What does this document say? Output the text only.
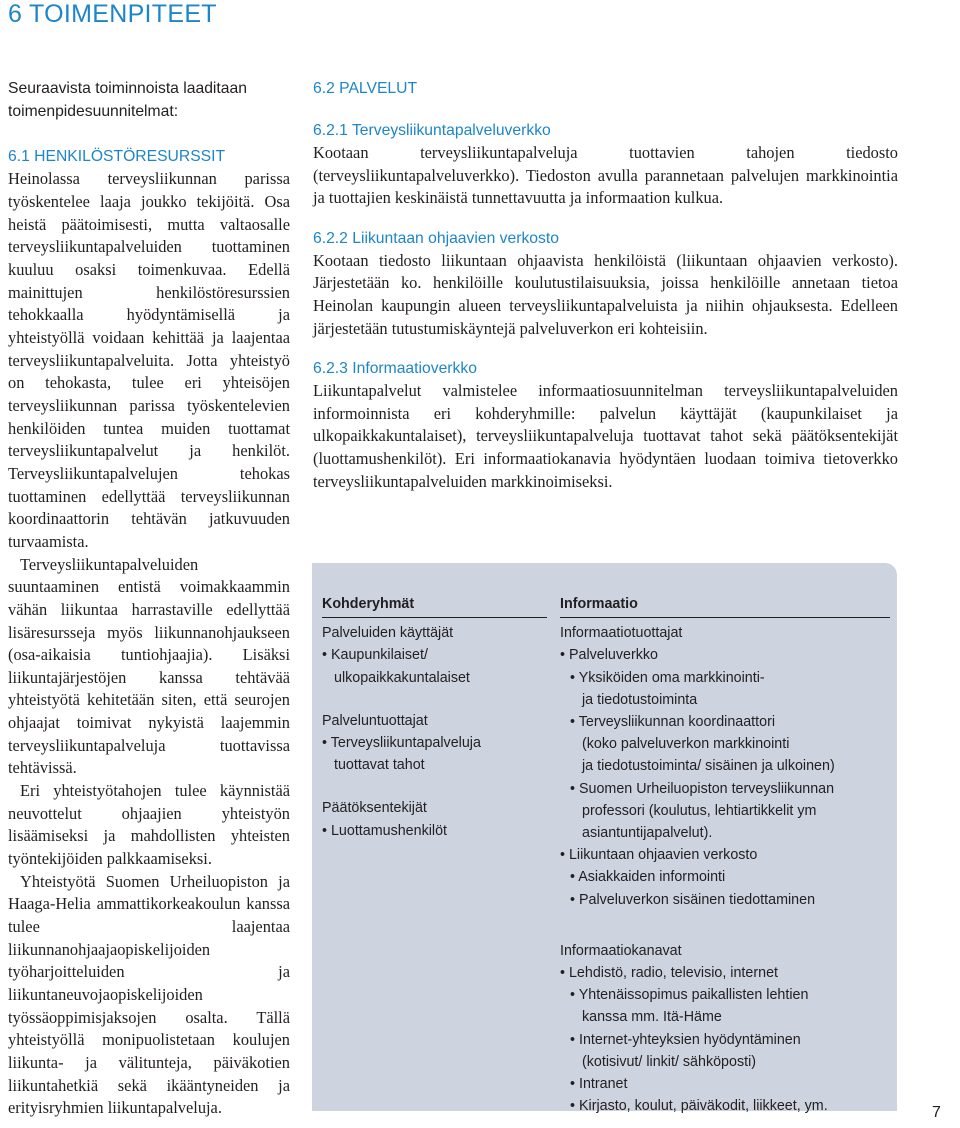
6 TOIMENPITEET
Seuraavista toiminnoista laaditaan
toimenpidesuunnitelmat:
6.1 HENKILÖSTÖRESURSSIT

Heinolassa terveysliikunnan parissa työskentelee laaja joukko tekijöitä. Osa heistä päätoimisesti, mutta valtaosalle terveysliikuntapalveluiden tuottaminen kuuluu osaksi toimenkuvaa. Edellä mainittujen henkilöstöresurssien tehokkaalla hyödyntämisellä ja yhteistyöllä voidaan kehittää ja laajentaa terveysliikuntapalveluita. Jotta yhteistyö on tehokasta, tulee eri yhteisöjen terveysliikunnan parissa työskentelevien henkilöiden tuntea muiden tuottamat terveysliikuntapalvelut ja henkilöt. Terveysliikuntapalvelujen tehokas tuottaminen edellyttää terveysliikunnan koordinaattorin tehtävän jatkuvuuden turvaamista.

Terveysliikuntapalveluiden suuntaaminen entistä voimakkaammin vähän liikuntaa harrastaville edellyttää lisäresursseja myös liikunnanohjaukseen (osa-aikaisia tuntiohjaajia). Lisäksi liikuntajärjestöjen kanssa tehtävää yhteistyötä kehitetään siten, että seurojen ohjaajat toimivat nykyistä laajemmin terveysliikuntapalveluja tuottavissa tehtävissä.

Eri yhteistyötahojen tulee käynnistää neuvottelut ohjaajien yhteistyön lisäämiseksi ja mahdollisten yhteisten työntekijöiden palkkaamiseksi.

Yhteistyötä Suomen Urheiluopiston ja Haaga-Helia ammattikorkeakoulun kanssa tulee laajentaa liikunnanohjaajaopiskelijoiden työharjoitteluiden ja liikuntaneuvojaopiskelijoiden työssäoppimisjaksojen osalta. Tällä yhteistyöllä monipuolistetaan koulujen liikunta- ja välitunteja, päiväkotien liikuntahetkiä sekä ikääntyneiden ja erityisryhmien liikuntapalveluja.

6.2 PALVELUT
6.2.1 Terveysliikuntapalveluverkko

Kootaan terveysliikuntapalveluja tuottavien tahojen tiedosto (terveysliikuntapalveluverkko). Tiedoston avulla parannetaan palvelujen markkinointia ja tuottajien keskinäistä tunnettavuutta ja informaation kulkua.

6.2.2 Liikuntaan ohjaavien verkosto

Kootaan tiedosto liikuntaan ohjaavista henkilöistä (liikuntaan ohjaavien verkosto). Järjestetään ko. henkilöille koulutustilaisuuksia, joissa henkilöille annetaan tietoa Heinolan kaupungin alueen terveysliikuntapalveluista ja niihin ohjauksesta. Edelleen järjestetään tutustumiskäyntejä palveluverkon eri kohteisiin.

6.2.3 Informaatioverkko

Liikuntapalvelut valmistelee informaatiosuunnitelman terveysliikuntapalveluiden informoinnista eri kohderyhmille: palvelun käyttäjät (kaupunkilaiset ja ulkopaikkakuntalaiset), terveysliikuntapalveluja tuottavat tahot sekä päätöksentekijät (luottamushenkilöt). Eri informaatiokanavia hyödyntäen luodaan toimiva tietoverkko terveysliikuntapalveluiden markkinoimiseksi.

Kohderyhmät
Palveluiden käyttäjät
• Kaupunkilaiset/
ulkopaikkakuntalaiset
Palveluntuottajat
• Terveysliikuntapalveluja
tuottavat tahot
Päätöksentekijät
• Luottamushenkilöt
Informaatio
Informaatiotuottajat
• Palveluverkko
• Yksiköiden oma markkinointi-
ja tiedotustoiminta
• Terveysliikunnan koordinaattori
(koko palveluverkon markkinointi
ja tiedotustoiminta/ sisäinen ja ulkoinen)
• Suomen Urheiluopiston terveysliikunnan
professori (koulutus, lehtiartikkelit ym
asiantuntijapalvelut).
• Liikuntaan ohjaavien verkosto
• Asiakkaiden informointi
• Palveluverkon sisäinen tiedottaminen
Informaatiokanavat
• Lehdistö, radio, televisio, internet
• Yhtenäissopimus paikallisten lehtien
kanssa mm. Itä-Häme
• Internet-yhteyksien hyödyntäminen
(kotisivut/ linkit/ sähköposti)
• Intranet
• Kirjasto, koulut, päiväkodit, liikkeet, ym.	7
